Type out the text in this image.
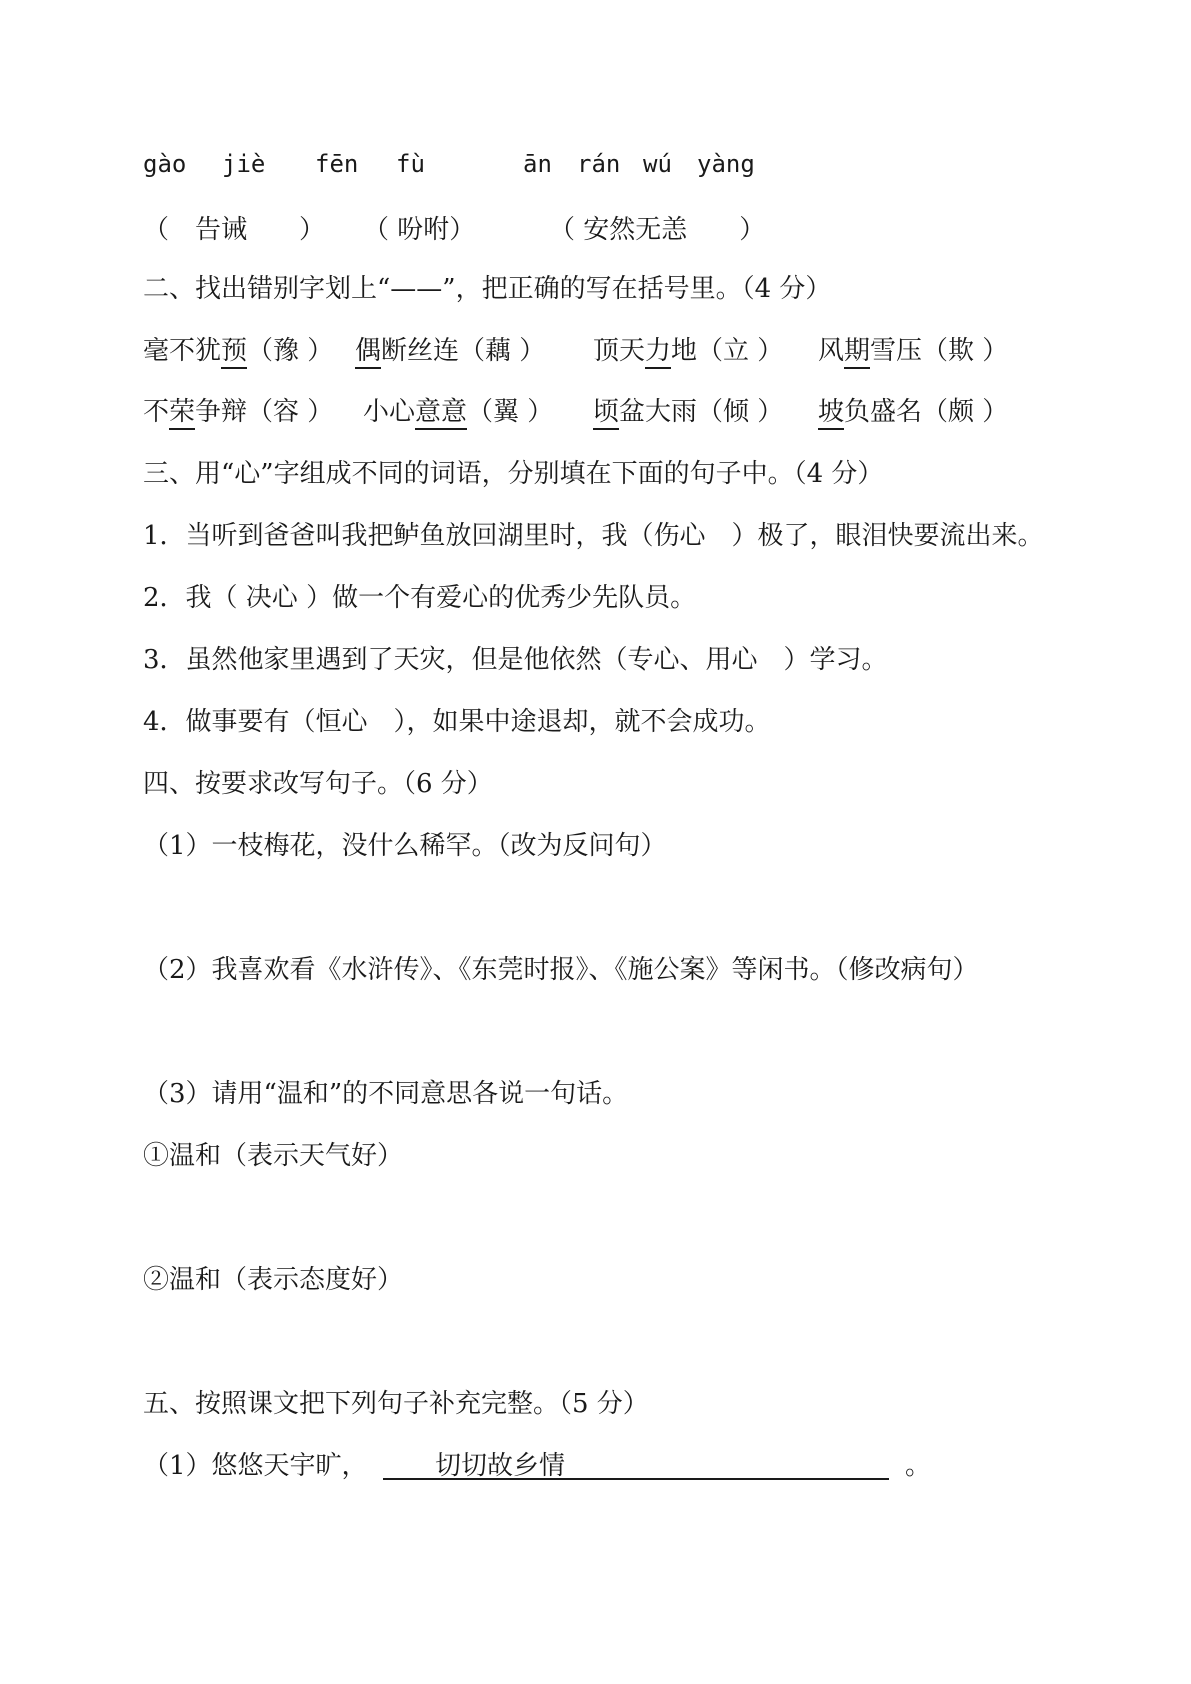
gào jiè fēn fù	ān rán wú yàng
（　告诫　　） （ 吩咐）	（ 安然无恙　　）
二、找出错别字划上“——”，把正确的写在括号里。（4 分）
毫不犹预（豫 ） 偶断丝连（藕 ） 顶天力地（立 ） 风期雪压（欺 ）
不荣争辩（容 ） 小心意意（翼 ） 顷盆大雨（倾 ） 坡负盛名（颇 ）
三、用“心”字组成不同的词语，分别填在下面的句子中。（4 分）
1．当听到爸爸叫我把鲈鱼放回湖里时，我（伤心　）极了，眼泪快要流出来。
2．我（ 决心 ）做一个有爱心的优秀少先队员。
3．虽然他家里遇到了天灾，但是他依然（专心、用心　）学习。
4．做事要有（恒心　），如果中途退却，就不会成功。
四、按要求改写句子。（6 分）
（1）一枝梅花，没什么稀罕。（改为反问句）
（2）我喜欢看《水浒传》、《东莞时报》、《施公案》等闲书。（修改病句）
（3）请用“温和”的不同意思各说一句话。
①温和（表示天气好）
②温和（表示态度好）
五、按照课文把下列句子补充完整。（5 分）
（1）悠悠天宇旷，	切切故乡情	。
